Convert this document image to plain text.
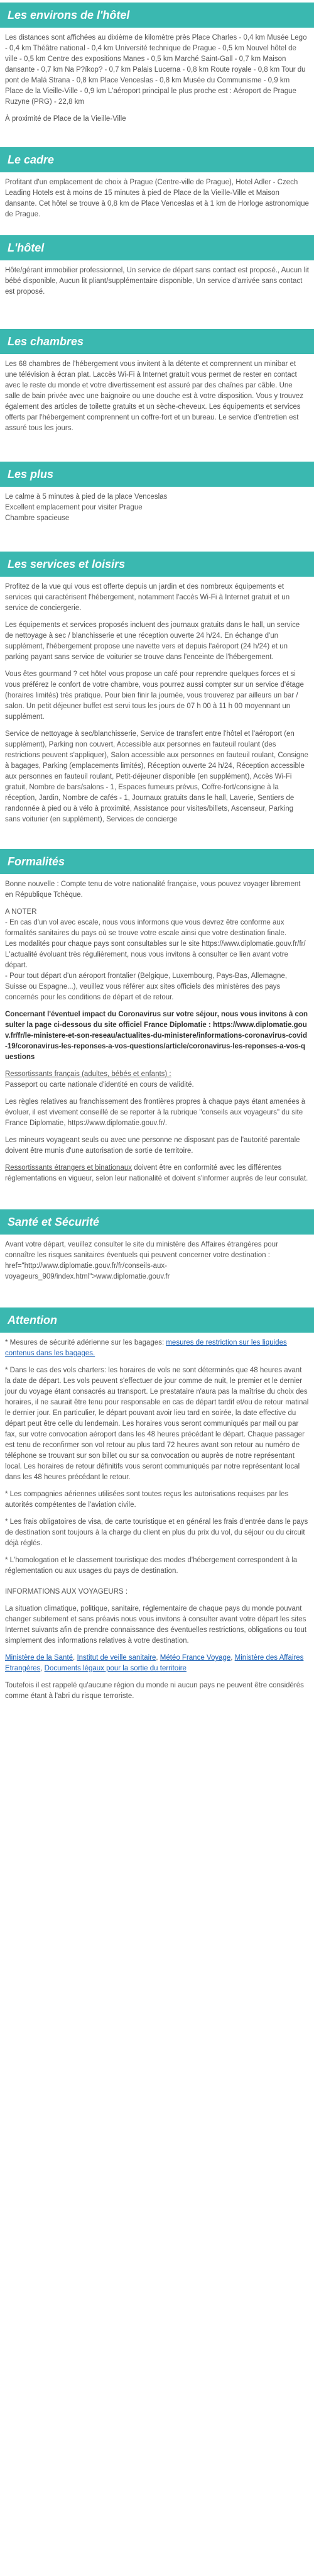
Les environs de l'hôtel

Les distances sont affichées au dixième de kilomètre près Place Charles - 0,4 km Musée Lego - 0,4 km Théâtre national - 0,4 km Université technique de Prague - 0,5 km Nouvel hôtel de ville - 0,5 km Centre des expositions Manes - 0,5 km Marché Saint-Gall - 0,7 km Maison dansante - 0,7 km Na P?íkop? - 0,7 km Palais Lucerna - 0,8 km Route royale - 0,8 km Tour du pont de Malá Strana - 0,8 km Place Venceslas - 0,8 km Musée du Communisme - 0,9 km Place de la Vieille-Ville - 0,9 km L'aéroport principal le plus proche est : Aéroport de Prague Ruzyne (PRG) - 22,8 km

À proximité de Place de la Vieille-Ville

Le cadre

Profitant d'un emplacement de choix à Prague (Centre-ville de Prague), Hotel Adler - Czech Leading Hotels est à moins de 15 minutes à pied de Place de la Vieille-Ville et Maison dansante. Cet hôtel se trouve à 0,8 km de Place Venceslas et à 1 km de Horloge astronomique de Prague.

L'hôtel

Hôte/gérant immobilier professionnel, Un service de départ sans contact est proposé., Aucun lit bébé disponible, Aucun lit pliant/supplémentaire disponible, Un service d'arrivée sans contact est proposé.

Les chambres

Les 68 chambres de l'hébergement vous invitent à la détente et comprennent un minibar et une télévision à écran plat. Laccès Wi-Fi à Internet gratuit vous permet de rester en contact avec le reste du monde et votre divertissement est assuré par des chaînes par câble. Une salle de bain privée avec une baignoire ou une douche est à votre disposition. Vous y trouvez également des articles de toilette gratuits et un sèche-cheveux. Les équipements et services offerts par l'hébergement comprennent un coffre-fort et un bureau. Le service d'entretien est assuré tous les jours.

Les plus
Le calme à 5 minutes à pied de la place Venceslas
Excellent emplacement pour visiter Prague
Chambre spacieuse
Les services et loisirs

Profitez de la vue qui vous est offerte depuis un jardin et des nombreux équipements et services qui caractérisent l'hébergement, notamment l'accès Wi-Fi à Internet gratuit et un service de conciergerie.

Les équipements et services proposés incluent des journaux gratuits dans le hall, un service de nettoyage à sec / blanchisserie et une réception ouverte 24 h/24. En échange d'un supplément, l'hébergement propose une navette vers et depuis l'aéroport (24 h/24) et un parking payant sans service de voiturier se trouve dans l'enceinte de l'hébergement.

Vous êtes gourmand ? cet hôtel vous propose un café pour reprendre quelques forces et si vous préférez le confort de votre chambre, vous pourrez aussi compter sur un service d'étage (horaires limités) très pratique. Pour bien finir la journée, vous trouverez par ailleurs un bar / salon. Un petit déjeuner buffet est servi tous les jours de 07 h 00 à 11 h 00 moyennant un supplément.

Service de nettoyage à sec/blanchisserie, Service de transfert entre l'hôtel et l'aéroport (en supplément), Parking non couvert, Accessible aux personnes en fauteuil roulant (des restrictions peuvent s'appliquer), Salon accessible aux personnes en fauteuil roulant, Consigne à bagages, Parking (emplacements limités), Réception ouverte 24 h/24, Réception accessible aux personnes en fauteuil roulant, Petit-déjeuner disponible (en supplément), Accès Wi-Fi gratuit, Nombre de bars/salons - 1, Espaces fumeurs prévus, Coffre-fort/consigne à la réception, Jardin, Nombre de cafés - 1, Journaux gratuits dans le hall, Laverie, Sentiers de randonnée à pied ou à vélo à proximité, Assistance pour visites/billets, Ascenseur, Parking sans voiturier (en supplément), Services de concierge

Formalités

Bonne nouvelle : Compte tenu de votre nationalité française, vous pouvez voyager librement en République Tchèque.

A NOTER
- En cas d'un vol avec escale, nous vous informons que vous devrez être conforme aux formalités sanitaires du pays où se trouve votre escale ainsi que votre destination finale.
Les modalités pour chaque pays sont consultables sur le site https://www.diplomatie.gouv.fr/fr/ L'actualité évoluant très régulièrement, nous vous invitons à consulter ce lien avant votre départ.
- Pour tout départ d'un aéroport frontalier (Belgique, Luxembourg, Pays-Bas, Allemagne, Suisse ou Espagne...), veuillez vous référer aux sites officiels des ministères des pays concernés pour les conditions de départ et de retour.

Concernant l'éventuel impact du Coronavirus sur votre séjour, nous vous invitons à consulter la page ci-dessous du site officiel France Diplomatie : https://www.diplomatie.gouv.fr/fr/le-ministere-et-son-reseau/actualites-du-ministere/informations-coronavirus-covid-19/coronavirus-les-reponses-a-vos-questions/article/coronavirus-les-reponses-a-vos-questions

Ressortissants français (adultes, bébés et enfants) :
Passeport ou carte nationale d'identité en cours de validité.

Les règles relatives au franchissement des frontières propres à chaque pays étant amenées à évoluer, il est vivement conseillé de se reporter à la rubrique "conseils aux voyageurs" du site France Diplomatie, https://www.diplomatie.gouv.fr/.

Les mineurs voyageant seuls ou avec une personne ne disposant pas de l'autorité parentale doivent être munis d'une autorisation de sortie de territoire.

Ressortissants étrangers et binationaux doivent être en conformité avec les différentes réglementations en vigueur, selon leur nationalité et doivent s'informer auprès de leur consulat.

Santé et Sécurité

Avant votre départ, veuillez consulter le site du ministère des Affaires étrangères pour connaître les risques sanitaires éventuels qui peuvent concerner votre destination : href="http://www.diplomatie.gouv.fr/fr/conseils-aux-voyageurs_909/index.html">www.diplomatie.gouv.fr

Attention

* Mesures de sécurité adérienne sur les bagages: mesures de restriction sur les liquides contenus dans les bagages.

* Dans le cas des vols charters: les horaires de vols ne sont déterminés que 48 heures avant la date de départ. Les vols peuvent s'effectuer de jour comme de nuit, le premier et le dernier jour du voyage étant consacrés au transport. Le prestataire n'aura pas la maîtrise du choix des horaires, il ne saurait être tenu pour responsable en cas de départ tardif et/ou de retour matinal le dernier jour. En particulier, le départ pouvant avoir lieu tard en soirée, la date effective du départ peut être celle du lendemain. Les horaires vous seront communiqués par mail ou par fax, sur votre convocation aéroport dans les 48 heures précédant le départ. Chaque passager est tenu de reconfirmer son vol retour au plus tard 72 heures avant son retour au numéro de téléphone se trouvant sur son billet ou sur sa convocation ou auprès de notre représentant local. Les horaires de retour définitifs vous seront communiqués par notre représentant local dans les 48 heures précédant le retour.

* Les compagnies aériennes utilisées sont toutes reçus les autorisations requises par les autorités compétentes de l'aviation civile.

* Les frais obligatoires de visa, de carte touristique et en général les frais d'entrée dans le pays de destination sont toujours à la charge du client en plus du prix du vol, du séjour ou du circuit déjà réglés.

* L'homologation et le classement touristique des modes d'hébergement correspondent à la réglementation ou aux usages du pays de destination.

INFORMATIONS AUX VOYAGEURS :

La situation climatique, politique, sanitaire, réglementaire de chaque pays du monde pouvant changer subitement et sans préavis nous vous invitons à consulter avant votre départ les sites Internet suivants afin de prendre connaissance des éventuelles restrictions, obligations ou tout simplement des informations relatives à votre destination.

Ministère de la Santé, Institut de veille sanitaire, Météo France Voyage, Ministère des Affaires Etrangères, Documents légaux pour la sortie du territoire

Toutefois il est rappelé qu'aucune région du monde ni aucun pays ne peuvent être considérés comme étant à l'abri du risque terroriste.
